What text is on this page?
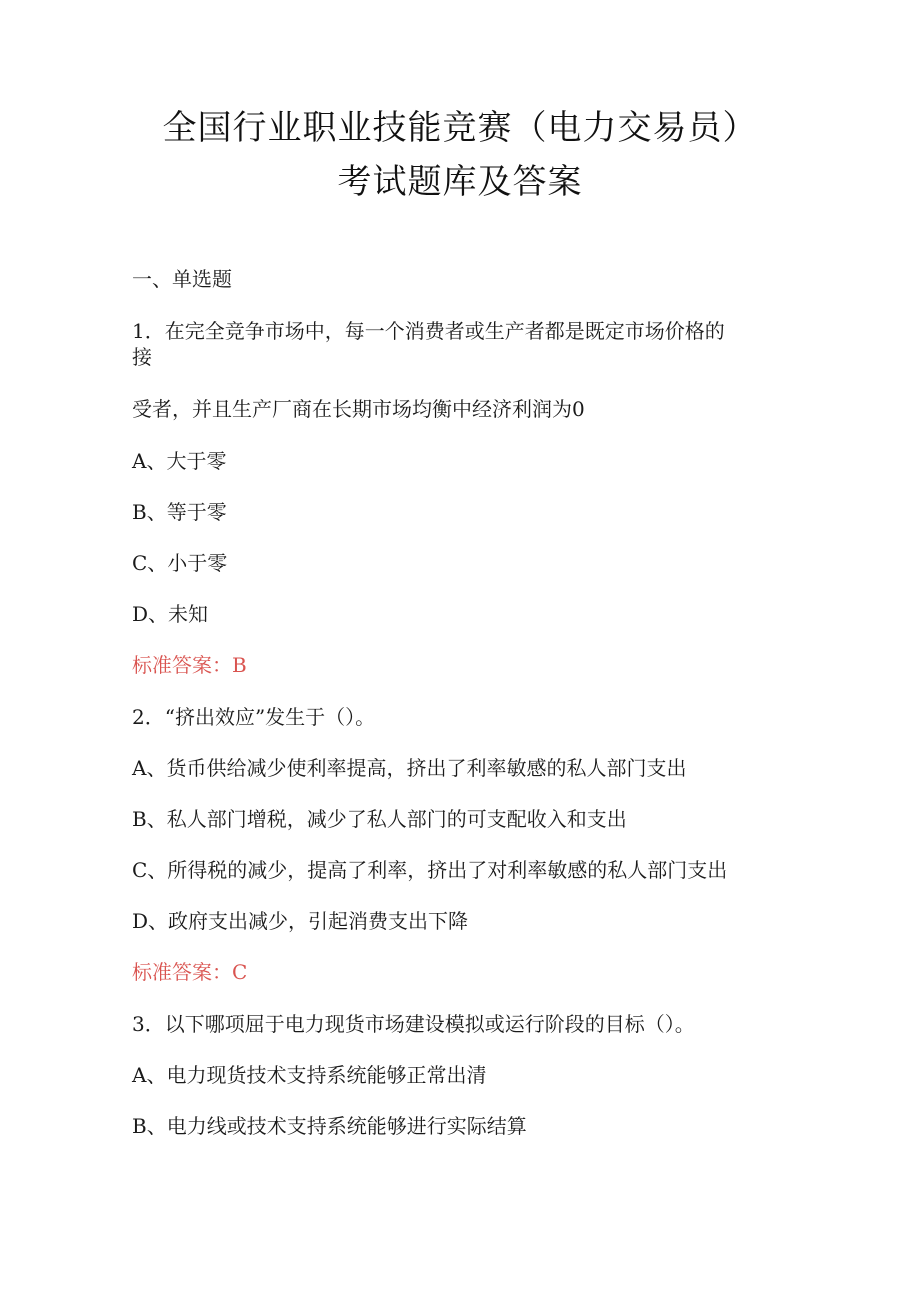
全国行业职业技能竞赛（电力交易员）
考试题库及答案
一、单选题
1．在完全竞争市场中，每一个消费者或生产者都是既定市场价格的
接
受者，并且生产厂商在长期市场均衡中经济利润为0
A、大于零
B、等于零
C、小于零
D、未知
标准答案：B
2．“挤出效应”发生于（）。
A、货币供给减少使利率提高，挤出了利率敏感的私人部门支出
B、私人部门增税，减少了私人部门的可支配收入和支出
C、所得税的减少，提高了利率，挤出了对利率敏感的私人部门支出
D、政府支出减少，引起消费支出下降
标准答案：C
3．以下哪项屈于电力现货市场建设模拟或运行阶段的目标（）。
A、电力现货技术支持系统能够正常出清
B、电力线或技术支持系统能够进行实际结算
